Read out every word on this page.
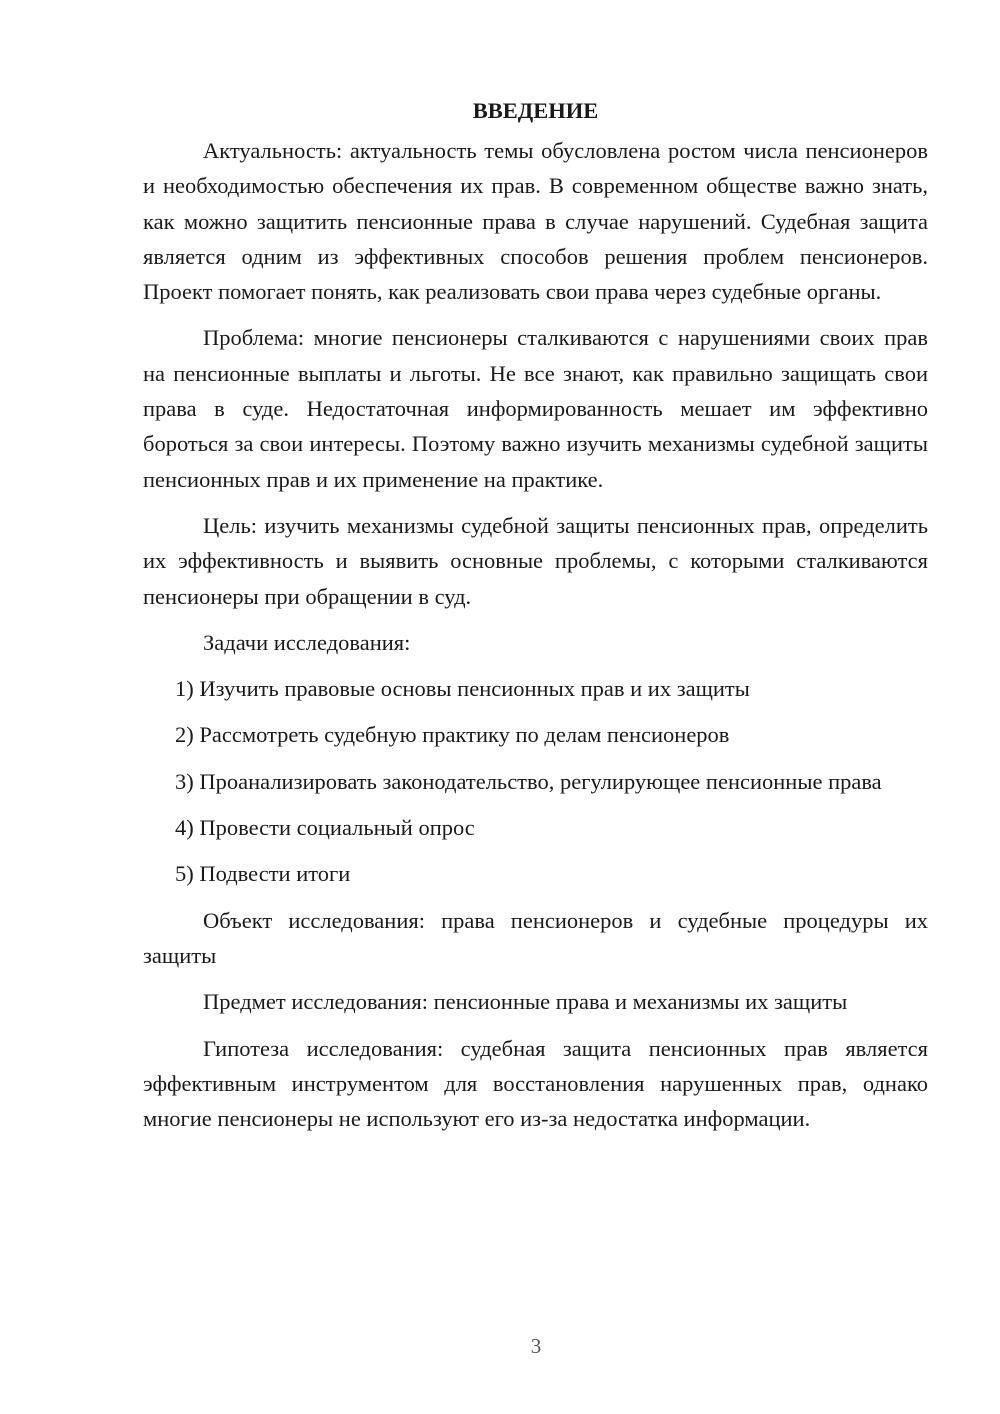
ВВЕДЕНИЕ

Актуальность: актуальность темы обусловлена ростом числа пенсионеров и необходимостью обеспечения их прав. В современном обществе важно знать, как можно защитить пенсионные права в случае нарушений. Судебная защита является одним из эффективных способов решения проблем пенсионеров. Проект помогает понять, как реализовать свои права через судебные органы.

Проблема: многие пенсионеры сталкиваются с нарушениями своих прав на пенсионные выплаты и льготы. Не все знают, как правильно защищать свои права в суде. Недостаточная информированность мешает им эффективно бороться за свои интересы. Поэтому важно изучить механизмы судебной защиты пенсионных прав и их применение на практике.

Цель: изучить механизмы судебной защиты пенсионных прав, определить их эффективность и выявить основные проблемы, с которыми сталкиваются пенсионеры при обращении в суд.

Задачи исследования:

1) Изучить правовые основы пенсионных прав и их защиты

2) Рассмотреть судебную практику по делам пенсионеров

3) Проанализировать законодательство, регулирующее пенсионные права

4) Провести социальный опрос

5) Подвести итоги

Объект исследования: права пенсионеров и судебные процедуры их защиты

Предмет исследования: пенсионные права и механизмы их защиты

Гипотеза исследования: судебная защита пенсионных прав является эффективным инструментом для восстановления нарушенных прав, однако многие пенсионеры не используют его из-за недостатка информации.

3
